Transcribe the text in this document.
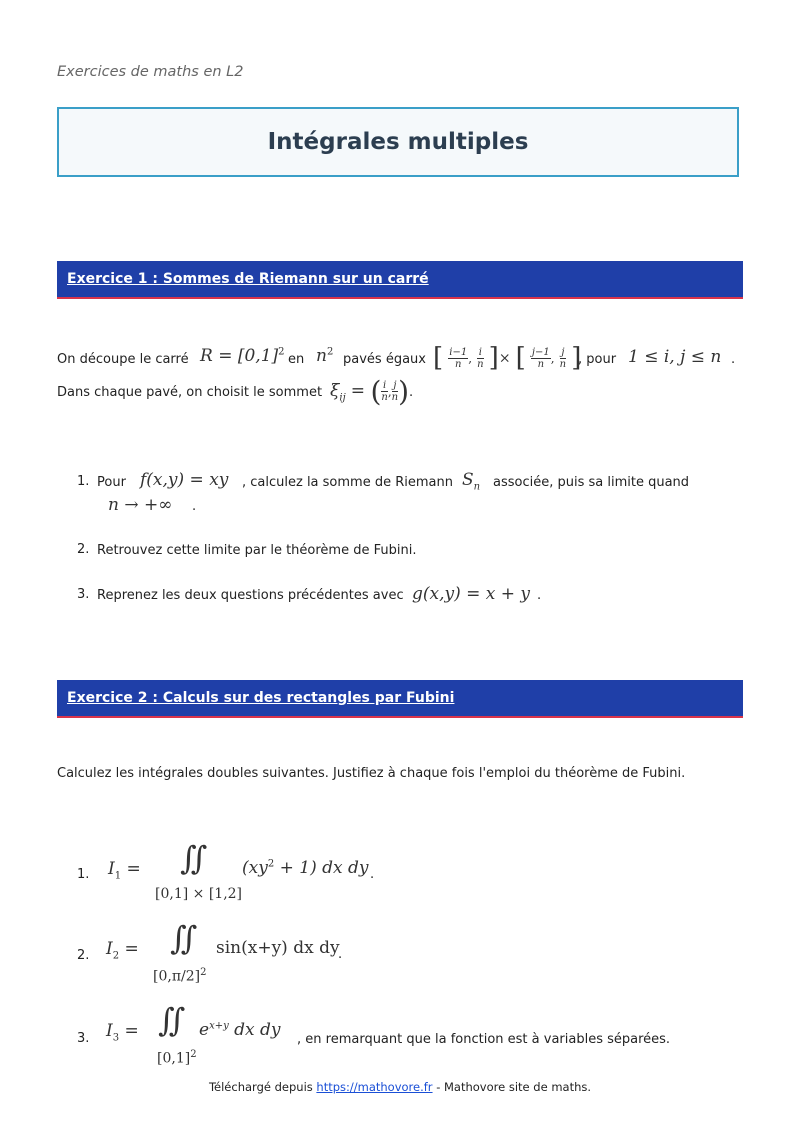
Exercices de maths en L2
Intégrales multiples
Exercice 1 : Sommes de Riemann sur un carré
On découpe le carré $R = [0,1]^2$
en $n^2$
pavés égaux [ $\frac{i-1}{n}$ , $\frac{i}{n}$ ]× [ $\frac{j-1}{n}$ , $\frac{j}{n}$ ]
, pour 1 ≤ i, j ≤ n .
Dans chaque pavé, on choisit le sommet $\xi_{ij}$ = ( $\frac{i}{n}$ , $\frac{j}{n}$ ).
1. Pour f(x,y) = xy , calculez la somme de Riemann $S_n$ associée, puis sa limite quand
n → +∞ .
2. Retrouvez cette limite par le théorème de Fubini.
3. Reprenez les deux questions précédentes avec g(x,y) = x + y .
Exercice 2 : Calculs sur des rectangles par Fubini
Calculez les intégrales doubles suivantes. Justifiez à chaque fois l'emploi du théorème de Fubini.
1. $I_1$ = ∬
[0,1] × [1,2]
$(xy^2 + 1)$ dx dy .
2. $I_2$ = ∬
$[0,\pi/2]^2$
sin(x+y) dx dy
.
3. $I_3$ = ∬
$[0,1]^2$
$e^{x+y}$ dx dy , en remarquant que la fonction est à variables séparées.
Téléchargé depuis https://mathovore.fr - Mathovore site de maths.
